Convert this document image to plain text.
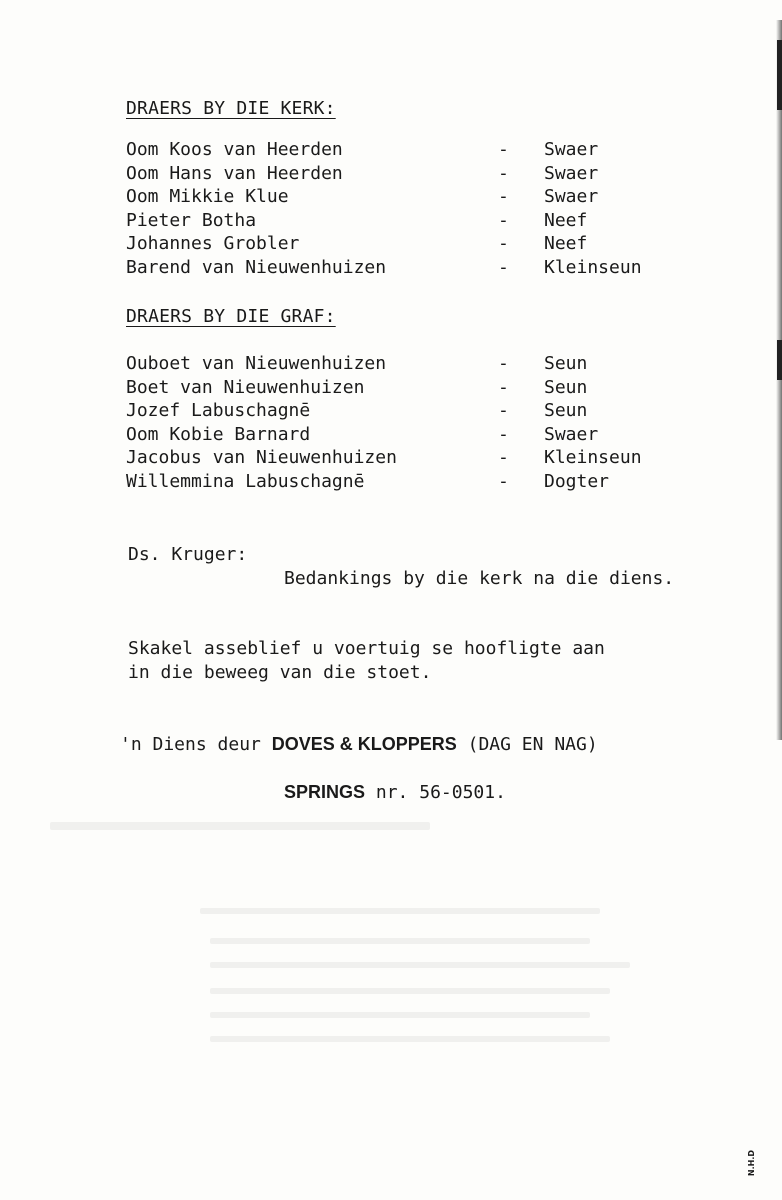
DRAERS BY DIE KERK:
Oom Koos van Heerden	- Swaer
Oom Hans van Heerden	- Swaer
Oom Mikkie Klue	- Swaer
Pieter Botha	- Neef
Johannes Grobler	- Neef
Barend van Nieuwenhuizen	- Kleinseun
DRAERS BY DIE GRAF:
Ouboet van Nieuwenhuizen	- Seun
Boet van Nieuwenhuizen	- Seun
Jozef Labuschagnē	- Seun
Oom Kobie Barnard	- Swaer
Jacobus van Nieuwenhuizen	- Kleinseun
Willemmina Labuschagnē	- Dogter
Ds. Kruger:
Bedankings by die kerk na die diens.
Skakel asseblief u voertuig se hoofligte aan
in die beweeg van die stoet.
'n Diens deur DOVES & KLOPPERS (DAG EN NAG)
SPRINGS nr. 56-0501.
N.H.D
